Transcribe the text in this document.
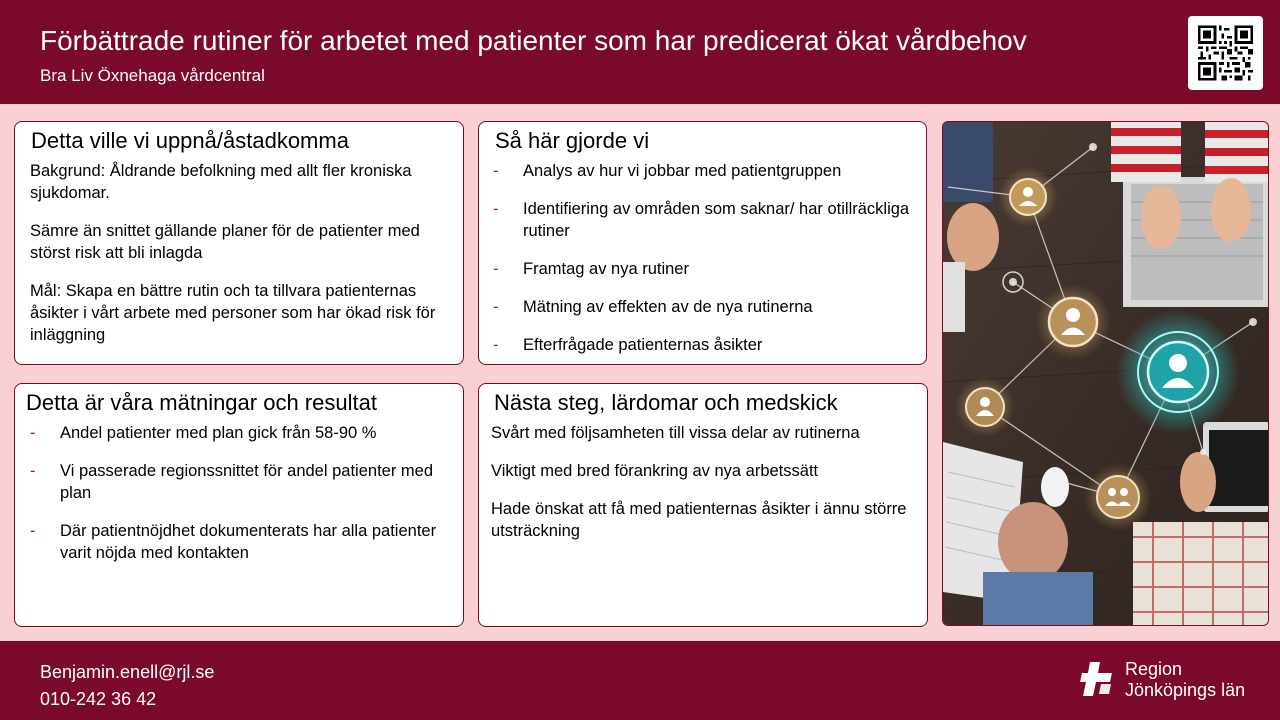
Förbättrade rutiner för arbetet med patienter som har predicerat ökat vårdbehov
Bra Liv Öxnehaga vårdcentral
Detta ville vi uppnå/åstadkomma

Bakgrund: Åldrande befolkning med allt fler kroniska sjukdomar.

Sämre än snittet gällande planer för de patienter med störst risk att bli inlagda

Mål: Skapa en bättre rutin och ta tillvara patienternas åsikter i vårt arbete med personer som har ökad risk för inläggning

Så här gjorde vi
- Analys av hur vi jobbar med patientgruppen
- Identifiering av områden som saknar/ har otillräckliga rutiner
- Framtag av nya rutiner
- Mätning av effekten av de nya rutinerna
- Efterfrågade patienternas åsikter
Detta är våra mätningar och resultat
- Andel patienter med plan gick från 58-90 %
- Vi passerade regionssnittet för andel patienter med plan
- Där patientnöjdhet dokumenterats har alla patienter varit nöjda med kontakten
Nästa steg, lärdomar och medskick

Svårt med följsamheten till vissa delar av rutinerna

Viktigt med bred förankring av nya arbetssätt

Hade önskat att få med patienternas åsikter i ännu större utsträckning

Benjamin.enell@rjl.se
010-242 36 42
Region
Jönköpings län
